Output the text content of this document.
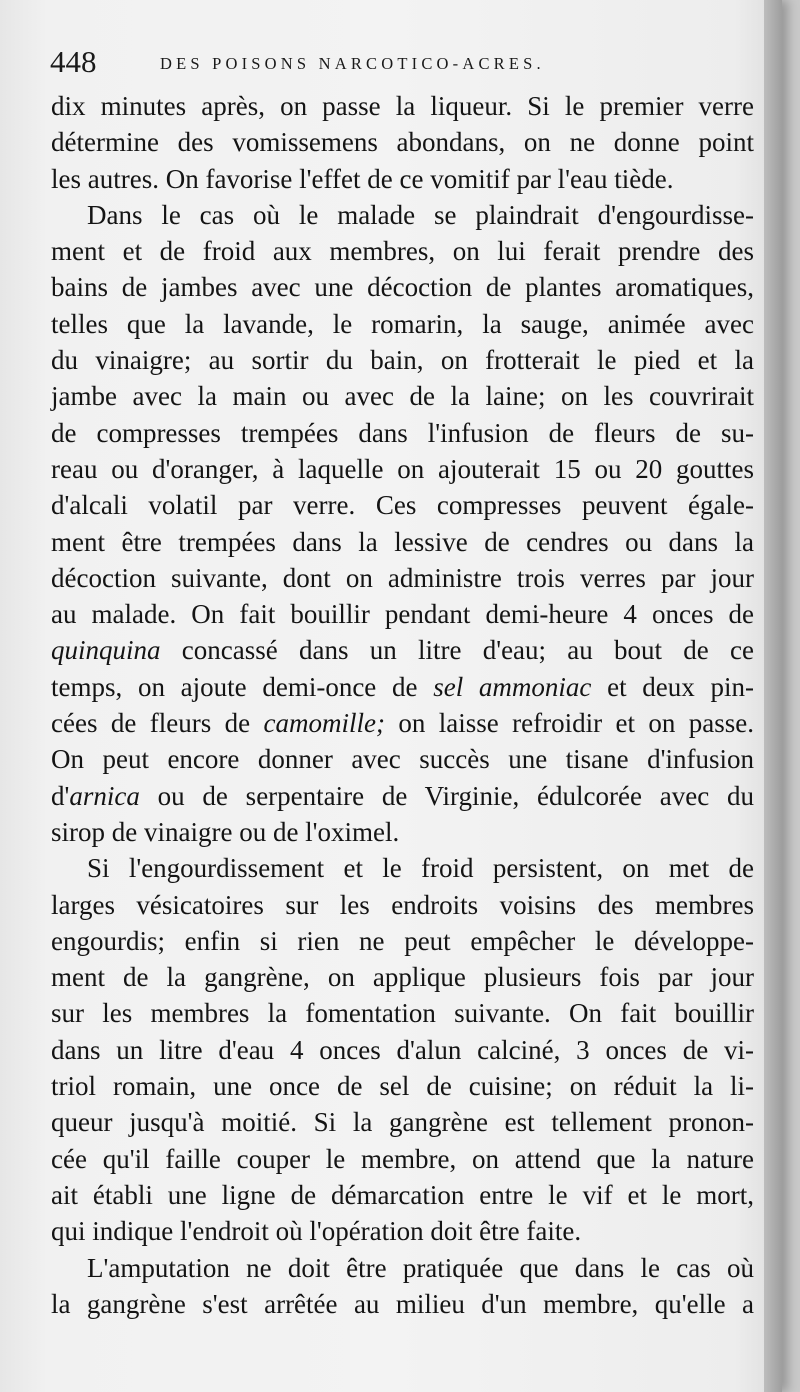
448	DES POISONS NARCOTICO-ACRES.
dix minutes après, on passe la liqueur. Si le premier verre
détermine des vomissemens abondans, on ne donne point
les autres. On favorise l'effet de ce vomitif par l'eau tiède.
Dans le cas où le malade se plaindrait d'engourdisse-
ment et de froid aux membres, on lui ferait prendre des
bains de jambes avec une décoction de plantes aromatiques,
telles que la lavande, le romarin, la sauge, animée avec
du vinaigre; au sortir du bain, on frotterait le pied et la
jambe avec la main ou avec de la laine; on les couvrirait
de compresses trempées dans l'infusion de fleurs de su-
reau ou d'oranger, à laquelle on ajouterait 15 ou 20 gouttes
d'alcali volatil par verre. Ces compresses peuvent égale-
ment être trempées dans la lessive de cendres ou dans la
décoction suivante, dont on administre trois verres par jour
au malade. On fait bouillir pendant demi-heure 4 onces de
quinquina concassé dans un litre d'eau; au bout de ce
temps, on ajoute demi-once de sel ammoniac et deux pin-
cées de fleurs de camomille; on laisse refroidir et on passe.
On peut encore donner avec succès une tisane d'infusion
d'arnica ou de serpentaire de Virginie, édulcorée avec du
sirop de vinaigre ou de l'oximel.
Si l'engourdissement et le froid persistent, on met de
larges vésicatoires sur les endroits voisins des membres
engourdis; enfin si rien ne peut empêcher le développe-
ment de la gangrène, on applique plusieurs fois par jour
sur les membres la fomentation suivante. On fait bouillir
dans un litre d'eau 4 onces d'alun calciné, 3 onces de vi-
triol romain, une once de sel de cuisine; on réduit la li-
queur jusqu'à moitié. Si la gangrène est tellement pronon-
cée qu'il faille couper le membre, on attend que la nature
ait établi une ligne de démarcation entre le vif et le mort,
qui indique l'endroit où l'opération doit être faite.
L'amputation ne doit être pratiquée que dans le cas où
la gangrène s'est arrêtée au milieu d'un membre, qu'elle a
